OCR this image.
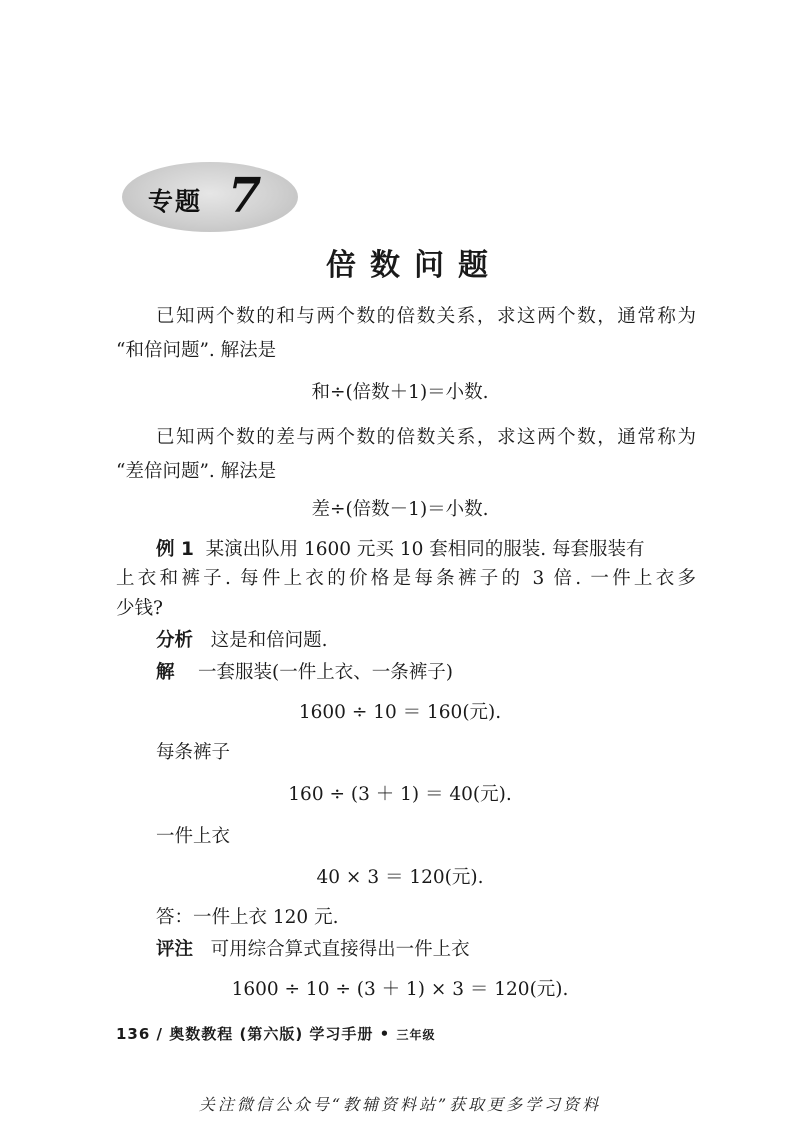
专题 7
倍数问题
已知两个数的和与两个数的倍数关系，求这两个数，通常称为
“和倍问题”. 解法是
和÷(倍数＋1)＝小数.
已知两个数的差与两个数的倍数关系，求这两个数，通常称为
“差倍问题”. 解法是
差÷(倍数－1)＝小数.
例 1 某演出队用 1600 元买 10 套相同的服装. 每套服装有
上衣和裤子. 每件上衣的价格是每条裤子的 3 倍. 一件上衣多
少钱?
分析 这是和倍问题.
解 一套服装(一件上衣、一条裤子)
1600 ÷ 10 ＝ 160(元).
每条裤子
160 ÷ (3 ＋ 1) ＝ 40(元).
一件上衣
40 × 3 ＝ 120(元).
答：一件上衣 120 元.
评注 可用综合算式直接得出一件上衣
1600 ÷ 10 ÷ (3 ＋ 1) × 3 ＝ 120(元).
136 / 奥数教程 (第六版) 学习手册 • 三年级
关注微信公众号“教辅资料站”获取更多学习资料
